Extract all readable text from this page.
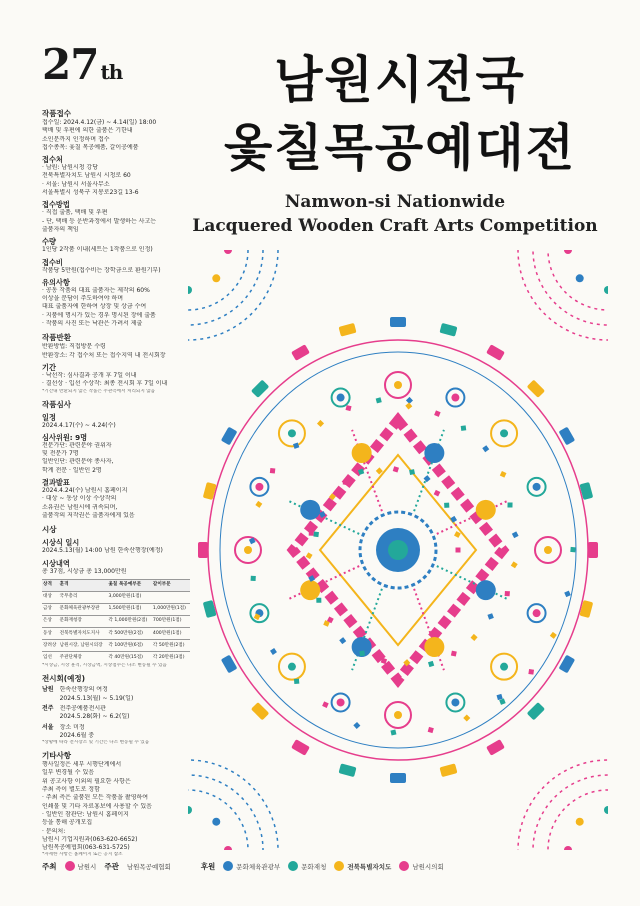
27 th	남원시전국
옻칠목공예대전
Namwon-si Nationwide
Lacquered Wooden Craft Arts Competition
작품접수

접수일: 2024.4.12(금) ~ 4.14(일) 18:00

택배 및 우편에 의한 출품은 기한내

소인분까지 인정하며 접수

접수종목: 옻칠 목공예품, 갈이공예품

접수처

· 남원: 남원시청 강당

전북특별자치도 남원시 시청로 60

· 서울: 남원시 서울사무소

서울특별시 성북구 지봉로23길 13-6

접수방법

· 직접 출품, 택배 및 우편

- 단, 택배 등 운반과정에서 발생하는 사고는

출품자의 책임

수량

1인당 2작품 이내(세트는 1작품으로 인정)

접수비

작품당 5만원(접수비는 장학금으로 환원기부)

유의사항

· 공동 작품의 대표 출품자는 제작의 60%

이상을 분담이 주도하여야 하며

대표 출품자에 한하여 상장 및 상금 수여

· 지품에 명시가 있는 경우 명시된 장에 출품

· 작품의 사진 또는 낙관은 가려서 제출

작품반환

반환방법: 직접방문 수령

반환장소: 각 접수처 또는 접수지역 내 전시회장

기간

· 낙선작: 심사결과 공개 후 7일 이내

· 결선상 · 입선 수상작: 최종 전시회 후 7일 이내

*기간내 반환되지 않은 작품은 주관측에서 처리되지 않음

작품심사
일정

2024.4.17(수) ~ 4.24(수)

심사위원: 9명

전문가단: 관련분야 권위자

및 전문가 7명

일반인단: 관련분야 종사자,

학계 전문 · 일반인 2명

결과발표

2024.4.24(수) 남원시 홈페이지

· 대상 ~ 동상 이상 수상작의

소유권은 남원시에 귀속되며,

출품작의 저작권은 출품자에게 있음

시상
시상식 일시

2024.5.13(월) 14:00 남원 한속산행장(예정)

시상내역

총 37점, 시상금 총 13,000만원

상격	훈격	옻칠 목공예부문	갈이부문
대상	국무총리	3,000만원(1점)	
금상	문화체육관광부장관	1,500만원(1점)	1,000만원(1점)
은상	문화재청장	각 1,000만원(2점)	700만원(1점)
동상	전북특별자치도지사	각 500만원(2점)	400만원(1점)
장려상	남원시장, 남원시의장	각 100만원(6점)	각 50만원(2점)
입선	주관단체장	각 40만원(15점)	각 20만원(3점)

*시상금, 시상 훈격, 시상금액, 시상점수는 다소 변동될 수 있음

전시회(예정)
남원 한속산행장의 여정

2024.5.13(월) ~ 5.19(일)

전주 전주공예품전시관

2024.5.28(화) ~ 6.2(일)

서울 장소 미정

2024.6월 중

*상황에 따라 전시장소 및 기간은 다소 변동될 수 있음

기타사항

행사일정은 세부 시행단계에서

일부 변경될 수 있음

위 공고사항 이외의 필요한 사항은

주최 측이 별도로 정함

· 주최 측은 출품된 모든 작품을 촬영하여

인쇄물 및 기타 자료홍보에 사용할 수 있음

· 일반인 참관단: 남원시 홈페이지

등을 통해 공개모집

· 문의처:

남원시 기업지원과(063-620-6652)

남원목공예협회(063-631-5725)

*자세한 사항은 홈페이지 또는 공지 참조

주최	남원시 주관 남원목공예협회	후원	문화체육관광부	문화재청	전북특별자치도	남원시의회
